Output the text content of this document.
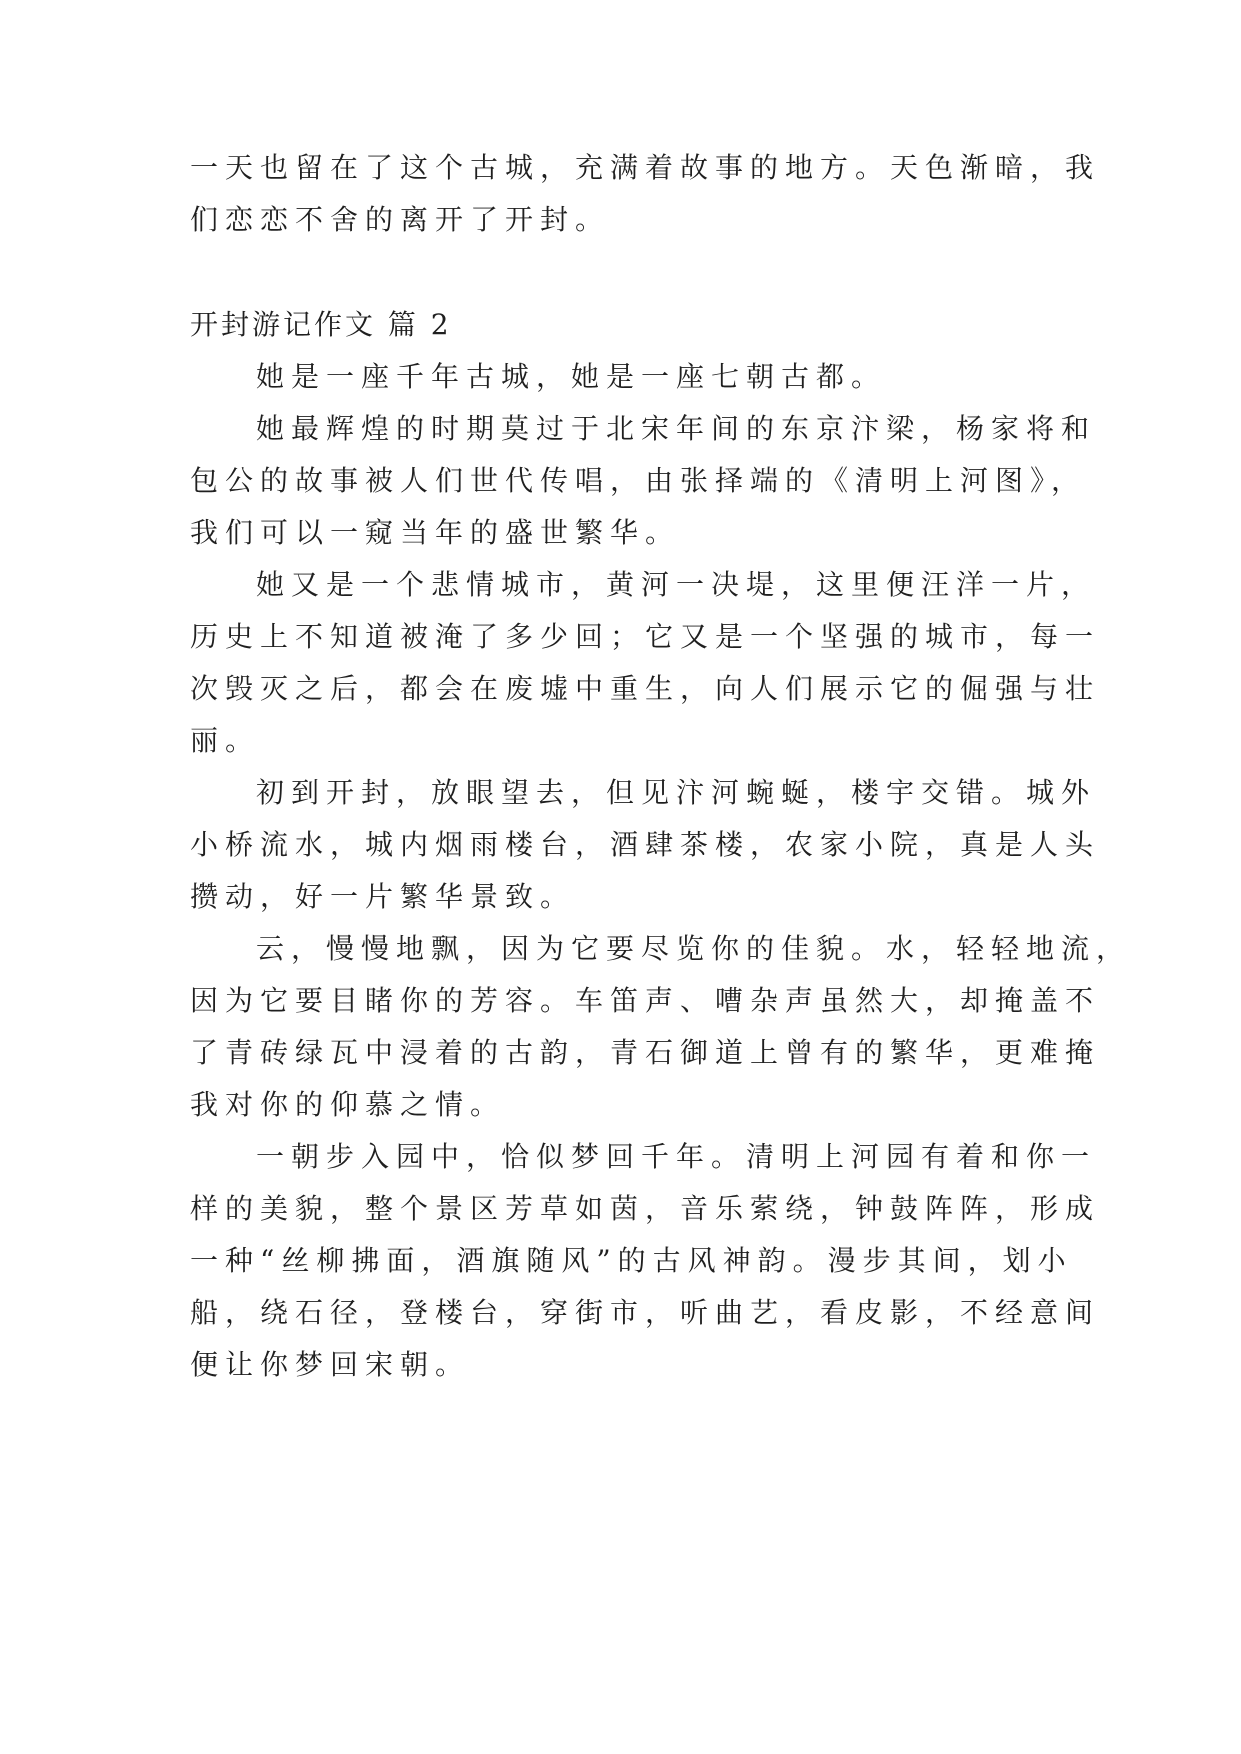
一天也留在了这个古城，充满着故事的地方。天色渐暗，我
们恋恋不舍的离开了开封。
开封游记作文 篇 2
她是一座千年古城，她是一座七朝古都。
她最辉煌的时期莫过于北宋年间的东京汴梁，杨家将和
包公的故事被人们世代传唱，由张择端的《清明上河图》，
我们可以一窥当年的盛世繁华。
她又是一个悲情城市，黄河一决堤，这里便汪洋一片，
历史上不知道被淹了多少回；它又是一个坚强的城市，每一
次毁灭之后，都会在废墟中重生，向人们展示它的倔强与壮
丽。
初到开封，放眼望去，但见汴河蜿蜒，楼宇交错。城外
小桥流水，城内烟雨楼台，酒肆茶楼，农家小院，真是人头
攒动，好一片繁华景致。
云，慢慢地飘，因为它要尽览你的佳貌。水，轻轻地流，
因为它要目睹你的芳容。车笛声、嘈杂声虽然大，却掩盖不
了青砖绿瓦中浸着的古韵，青石御道上曾有的繁华，更难掩
我对你的仰慕之情。
一朝步入园中，恰似梦回千年。清明上河园有着和你一
样的美貌，整个景区芳草如茵，音乐萦绕，钟鼓阵阵，形成
一种“丝柳拂面，酒旗随风”的古风神韵。漫步其间，划小
船，绕石径，登楼台，穿街市，听曲艺，看皮影，不经意间
便让你梦回宋朝。
